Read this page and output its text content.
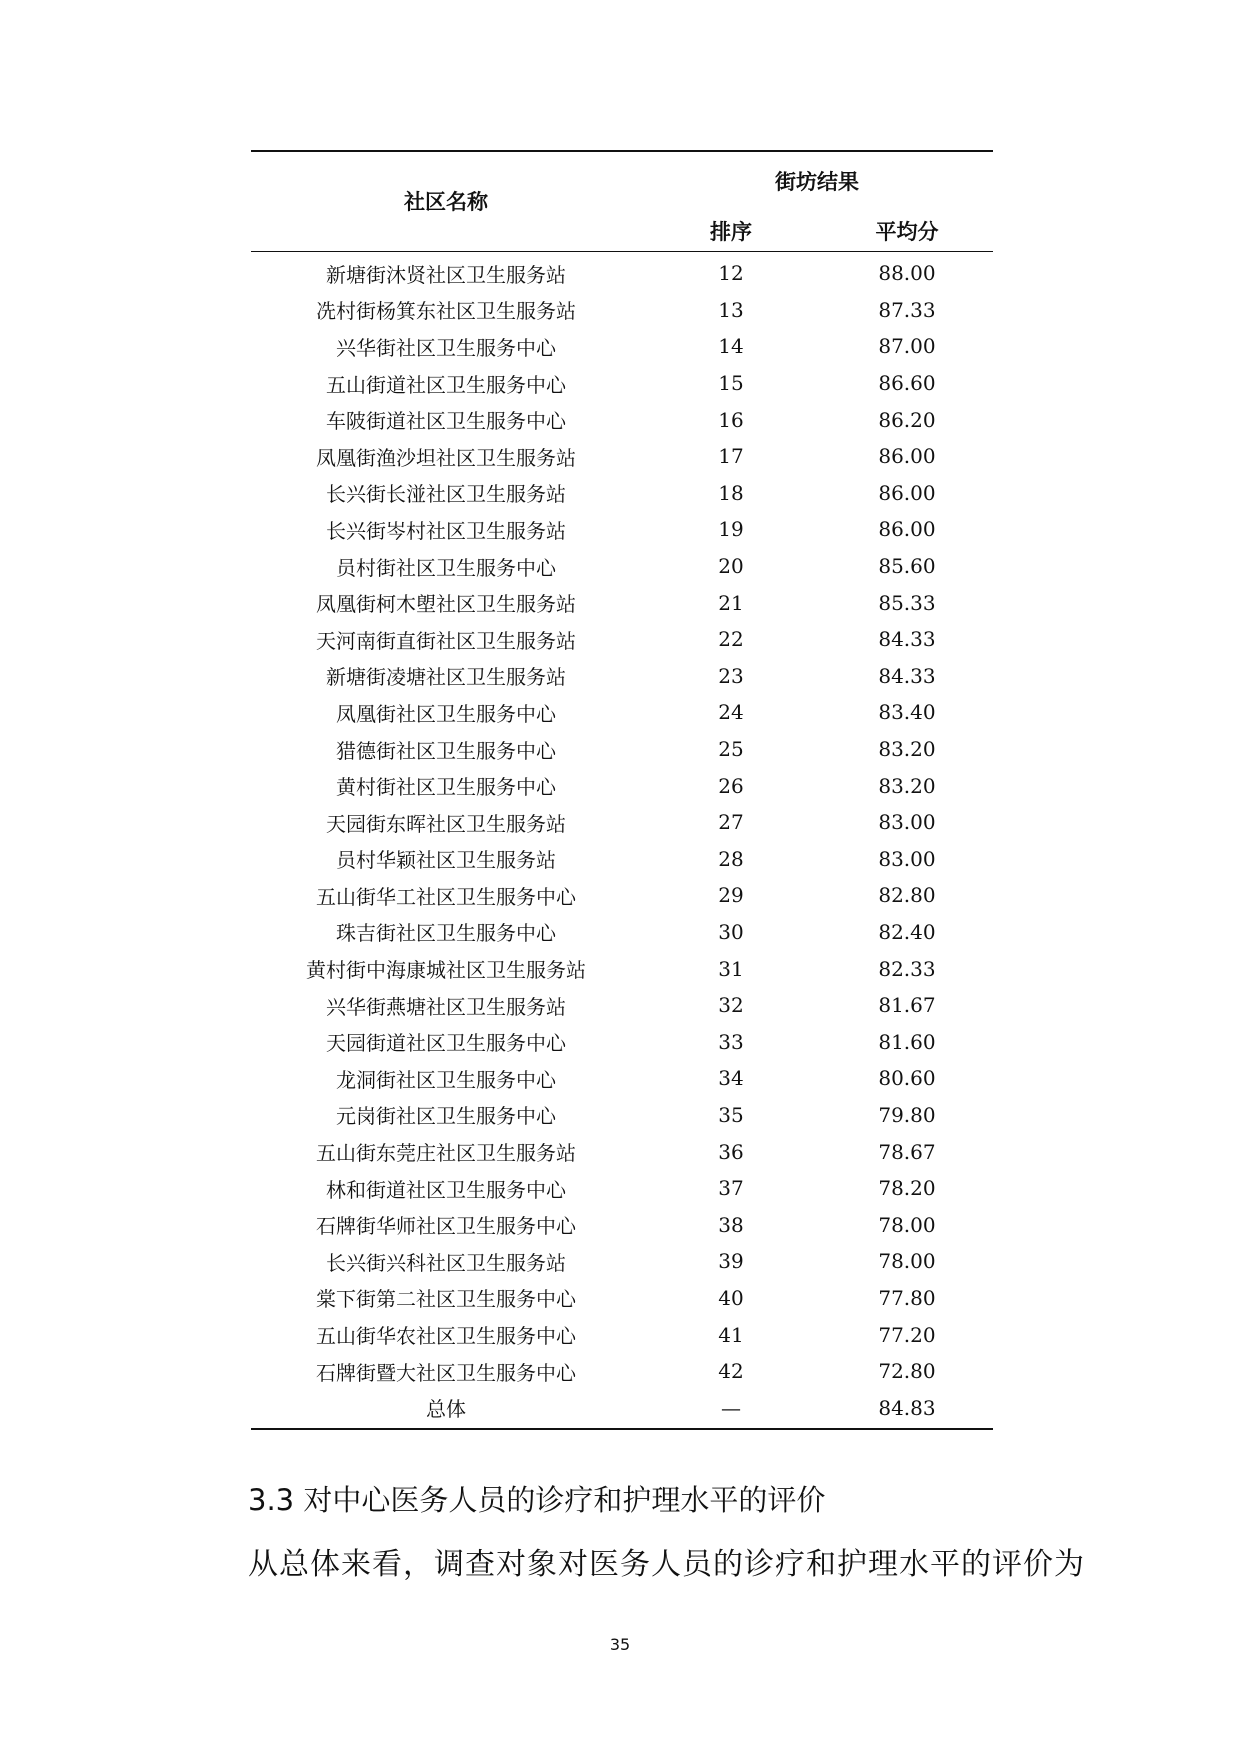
社区名称
街坊结果
排序	平均分
新塘街沐贤社区卫生服务站	12	88.00
冼村街杨箕东社区卫生服务站	13	87.33
兴华街社区卫生服务中心	14	87.00
五山街道社区卫生服务中心	15	86.60
车陂街道社区卫生服务中心	16	86.20
凤凰街渔沙坦社区卫生服务站	17	86.00
长兴街长湴社区卫生服务站	18	86.00
长兴街岑村社区卫生服务站	19	86.00
员村街社区卫生服务中心	20	85.60
凤凰街柯木塱社区卫生服务站	21	85.33
天河南街直街社区卫生服务站	22	84.33
新塘街凌塘社区卫生服务站	23	84.33
凤凰街社区卫生服务中心	24	83.40
猎德街社区卫生服务中心	25	83.20
黄村街社区卫生服务中心	26	83.20
天园街东晖社区卫生服务站	27	83.00
员村华颖社区卫生服务站	28	83.00
五山街华工社区卫生服务中心	29	82.80
珠吉街社区卫生服务中心	30	82.40
黄村街中海康城社区卫生服务站	31	82.33
兴华街燕塘社区卫生服务站	32	81.67
天园街道社区卫生服务中心	33	81.60
龙洞街社区卫生服务中心	34	80.60
元岗街社区卫生服务中心	35	79.80
五山街东莞庄社区卫生服务站	36	78.67
林和街道社区卫生服务中心	37	78.20
石牌街华师社区卫生服务中心	38	78.00
长兴街兴科社区卫生服务站	39	78.00
棠下街第二社区卫生服务中心	40	77.80
五山街华农社区卫生服务中心	41	77.20
石牌街暨大社区卫生服务中心	42	72.80
总体	—	84.83
3.3 对中心医务人员的诊疗和护理水平的评价
从总体来看，调查对象对医务人员的诊疗和护理水平的评价为
35
